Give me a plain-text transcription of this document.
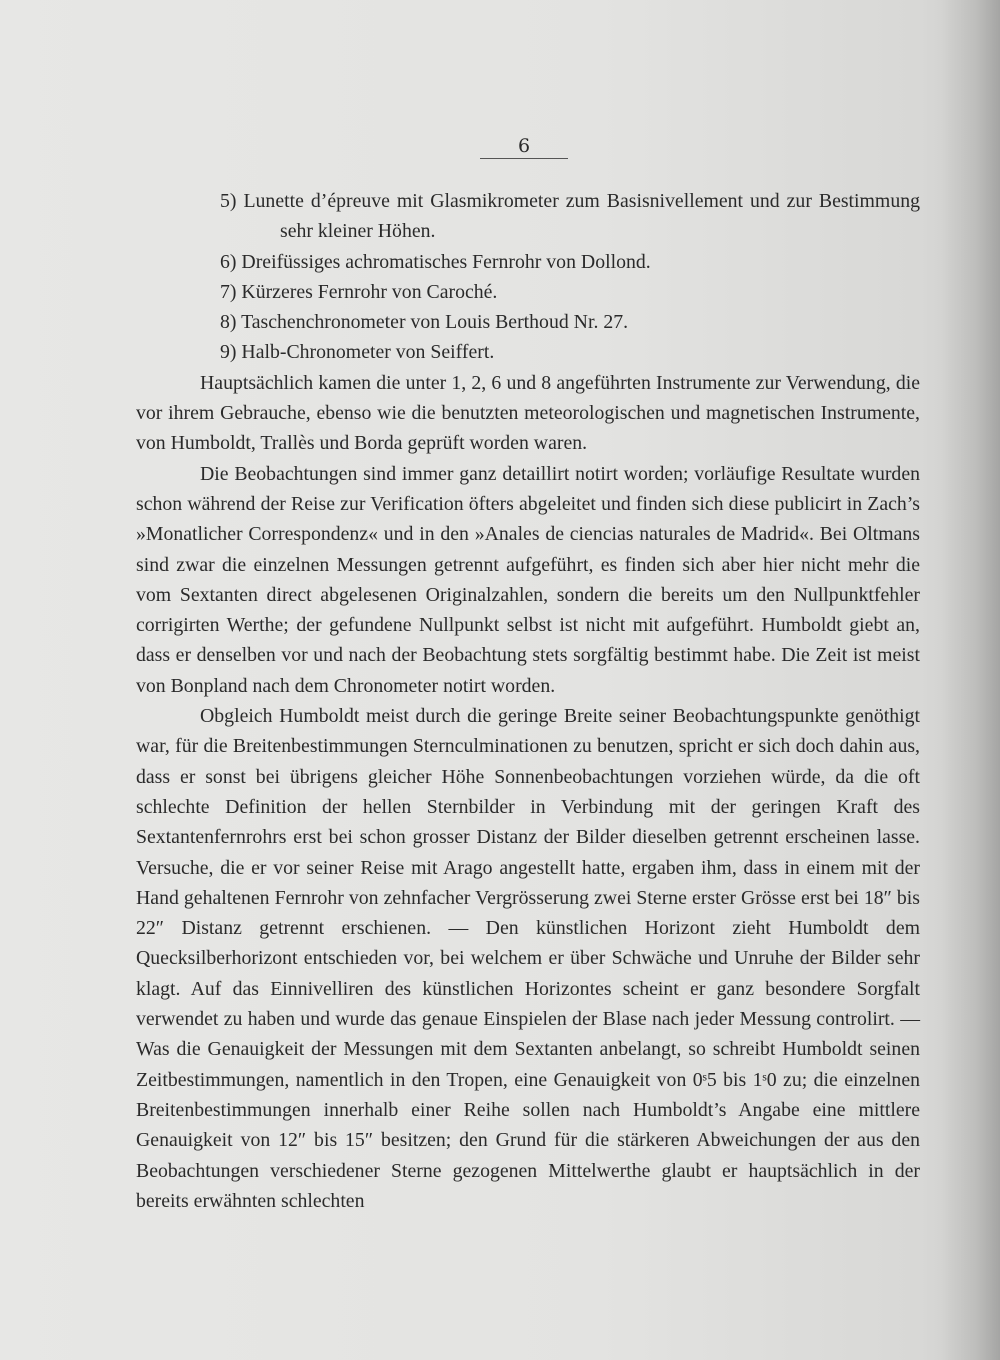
6
5) Lunette d’épreuve mit Glasmikrometer zum Basisnivellement und zur Bestimmung sehr kleiner Höhen.
6) Dreifüssiges achromatisches Fernrohr von Dollond.
7) Kürzeres Fernrohr von Caroché.
8) Taschenchronometer von Louis Berthoud Nr. 27.
9) Halb-Chronometer von Seiffert.

Hauptsächlich kamen die unter 1, 2, 6 und 8 angeführten Instrumente zur Verwendung, die vor ihrem Gebrauche, ebenso wie die benutzten meteorologischen und magnetischen Instrumente, von Humboldt, Trallès und Borda geprüft worden waren.

Die Beobachtungen sind immer ganz detaillirt notirt worden; vorläufige Resultate wurden schon während der Reise zur Verification öfters abgeleitet und finden sich diese publicirt in Zach’s »Monatlicher Correspondenz« und in den »Anales de ciencias naturales de Madrid«. Bei Oltmans sind zwar die einzelnen Messungen getrennt aufgeführt, es finden sich aber hier nicht mehr die vom Sextanten direct abgelesenen Originalzahlen, sondern die bereits um den Nullpunktfehler corrigirten Werthe; der gefundene Nullpunkt selbst ist nicht mit aufgeführt. Humboldt giebt an, dass er denselben vor und nach der Beobachtung stets sorgfältig bestimmt habe. Die Zeit ist meist von Bonpland nach dem Chronometer notirt worden.

Obgleich Humboldt meist durch die geringe Breite seiner Beobachtungspunkte genöthigt war, für die Breitenbestimmungen Sternculminationen zu benutzen, spricht er sich doch dahin aus, dass er sonst bei übrigens gleicher Höhe Sonnenbeobachtungen vorziehen würde, da die oft schlechte Definition der hellen Sternbilder in Verbindung mit der geringen Kraft des Sextantenfernrohrs erst bei schon grosser Distanz der Bilder dieselben getrennt erscheinen lasse. Versuche, die er vor seiner Reise mit Arago angestellt hatte, ergaben ihm, dass in einem mit der Hand gehaltenen Fernrohr von zehnfacher Vergrösserung zwei Sterne erster Grösse erst bei 18″ bis 22″ Distanz getrennt erschienen. — Den künstlichen Horizont zieht Humboldt dem Quecksilberhorizont entschieden vor, bei welchem er über Schwäche und Unruhe der Bilder sehr klagt. Auf das Einnivelliren des künstlichen Horizontes scheint er ganz besondere Sorgfalt verwendet zu haben und wurde das genaue Einspielen der Blase nach jeder Messung controlirt. — Was die Genauigkeit der Messungen mit dem Sextanten anbelangt, so schreibt Humboldt seinen Zeitbestimmungen, namentlich in den Tropen, eine Genauigkeit von 0ˢ5 bis 1ˢ0 zu; die einzelnen Breitenbestimmungen innerhalb einer Reihe sollen nach Humboldt’s Angabe eine mittlere Genauigkeit von 12″ bis 15″ besitzen; den Grund für die stärkeren Abweichungen der aus den Beobachtungen verschiedener Sterne gezogenen Mittelwerthe glaubt er hauptsächlich in der bereits erwähnten schlechten
